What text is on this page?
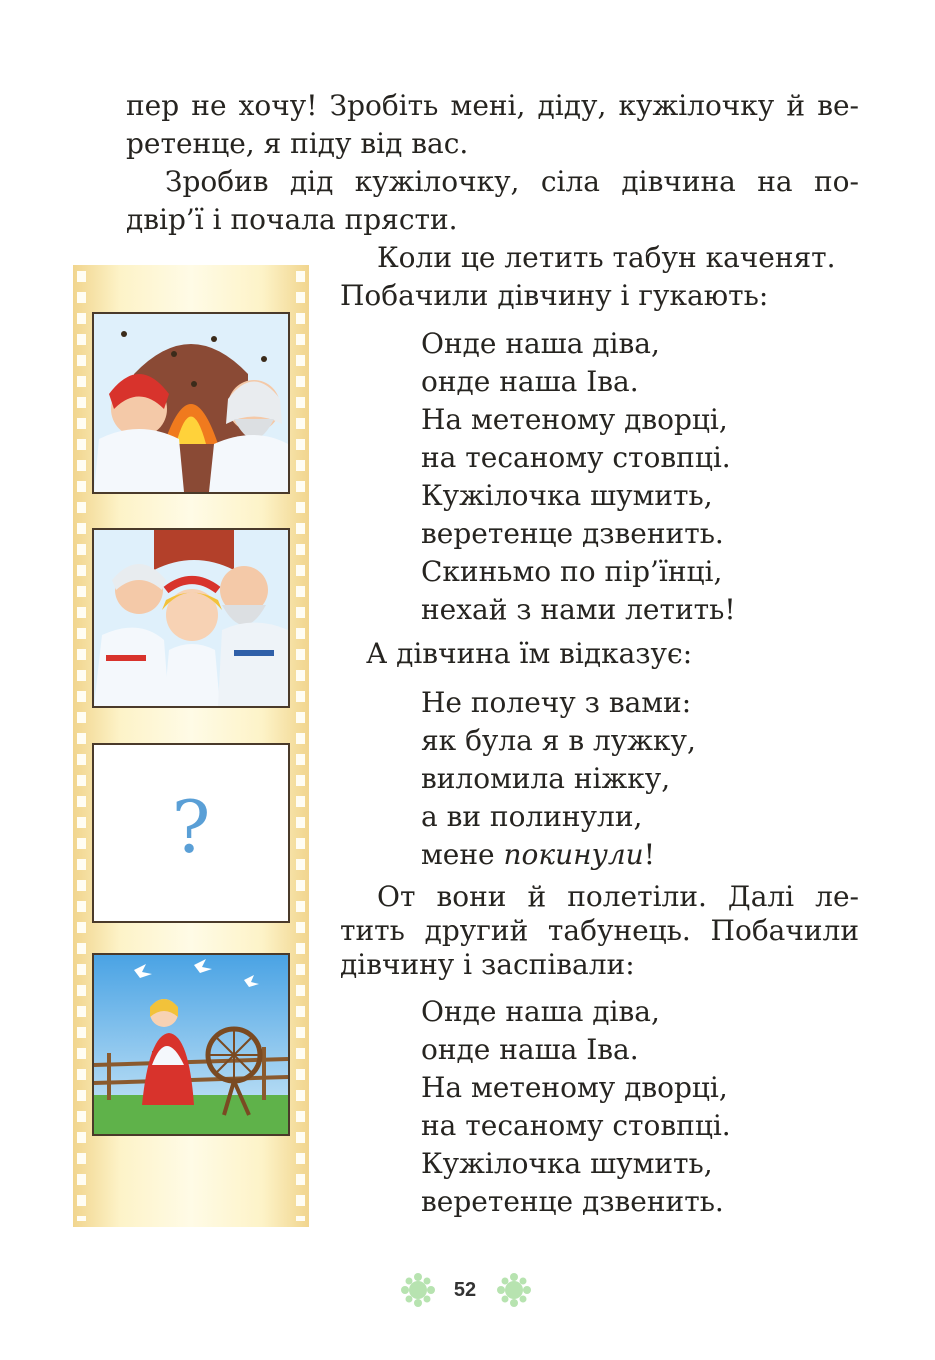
пер не хочу! Зробіть мені, діду, кужілочку й ве-

ретенце, я піду від вас.

Зробив дід кужілочку, сіла дівчина на по-

двір’ї і почала прясти.

Коли це летить табун каченят.

Побачили дівчину і гукають:

Онде наша діва,
онде наша Іва.
На метеному дворці,
на тесаному стовпці.
Кужілочка шумить,
веретенце дзвенить.
Скиньмо по пір’їнці,
нехай з нами летить!

А дівчина їм відказує:

Не полечу з вами:
як була я в лужку,
виломила ніжку,
а ви полинули,
мене покинули!

От вони й полетіли. Далі ле-

тить другий табунець. Побачили

дівчину і заспівали:

Онде наша діва,
онде наша Іва.
На метеному дворці,
на тесаному стовпці.
Кужілочка шумить,
веретенце дзвенить.
?
52
